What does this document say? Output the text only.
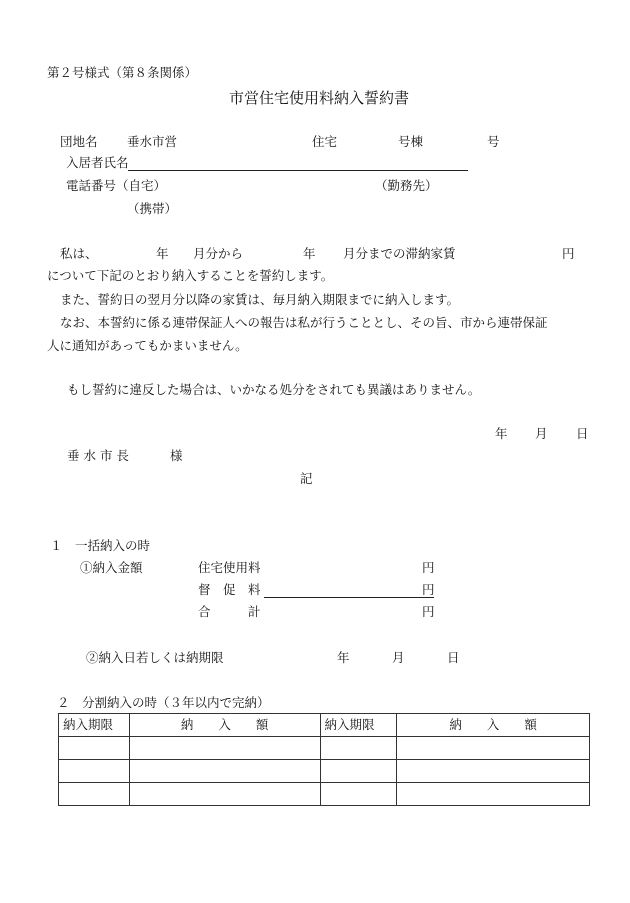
第２号様式（第８条関係）
市営住宅使用料納入誓約書
団地名 垂水市営	住宅	号棟	号
入居者氏名
電話番号（自宅）	（勤務先）
（携帯）
私は、	年 月分から	年 月分までの滞納家賃	円
について下記のとおり納入することを誓約します。
また、誓約日の翌月分以降の家賃は、毎月納入期限までに納入します。
なお、本誓約に係る連帯保証人への報告は私が行うこととし、その旨、市から連帯保証
人に通知があってもかまいません。
もし誓約に違反した場合は、いかなる処分をされても異議はありません。
年 月 日
垂 水 市 長	様
記
１　一括納入の時
①納入金額	住宅使用料	円
督　促　料	円
合　　　計	円
②納入日若しくは納期限	年	月	日
２　分割納入の時（３年以内で完納）
納入期限	納　　入　　額	納入期限	納　　入　　額
